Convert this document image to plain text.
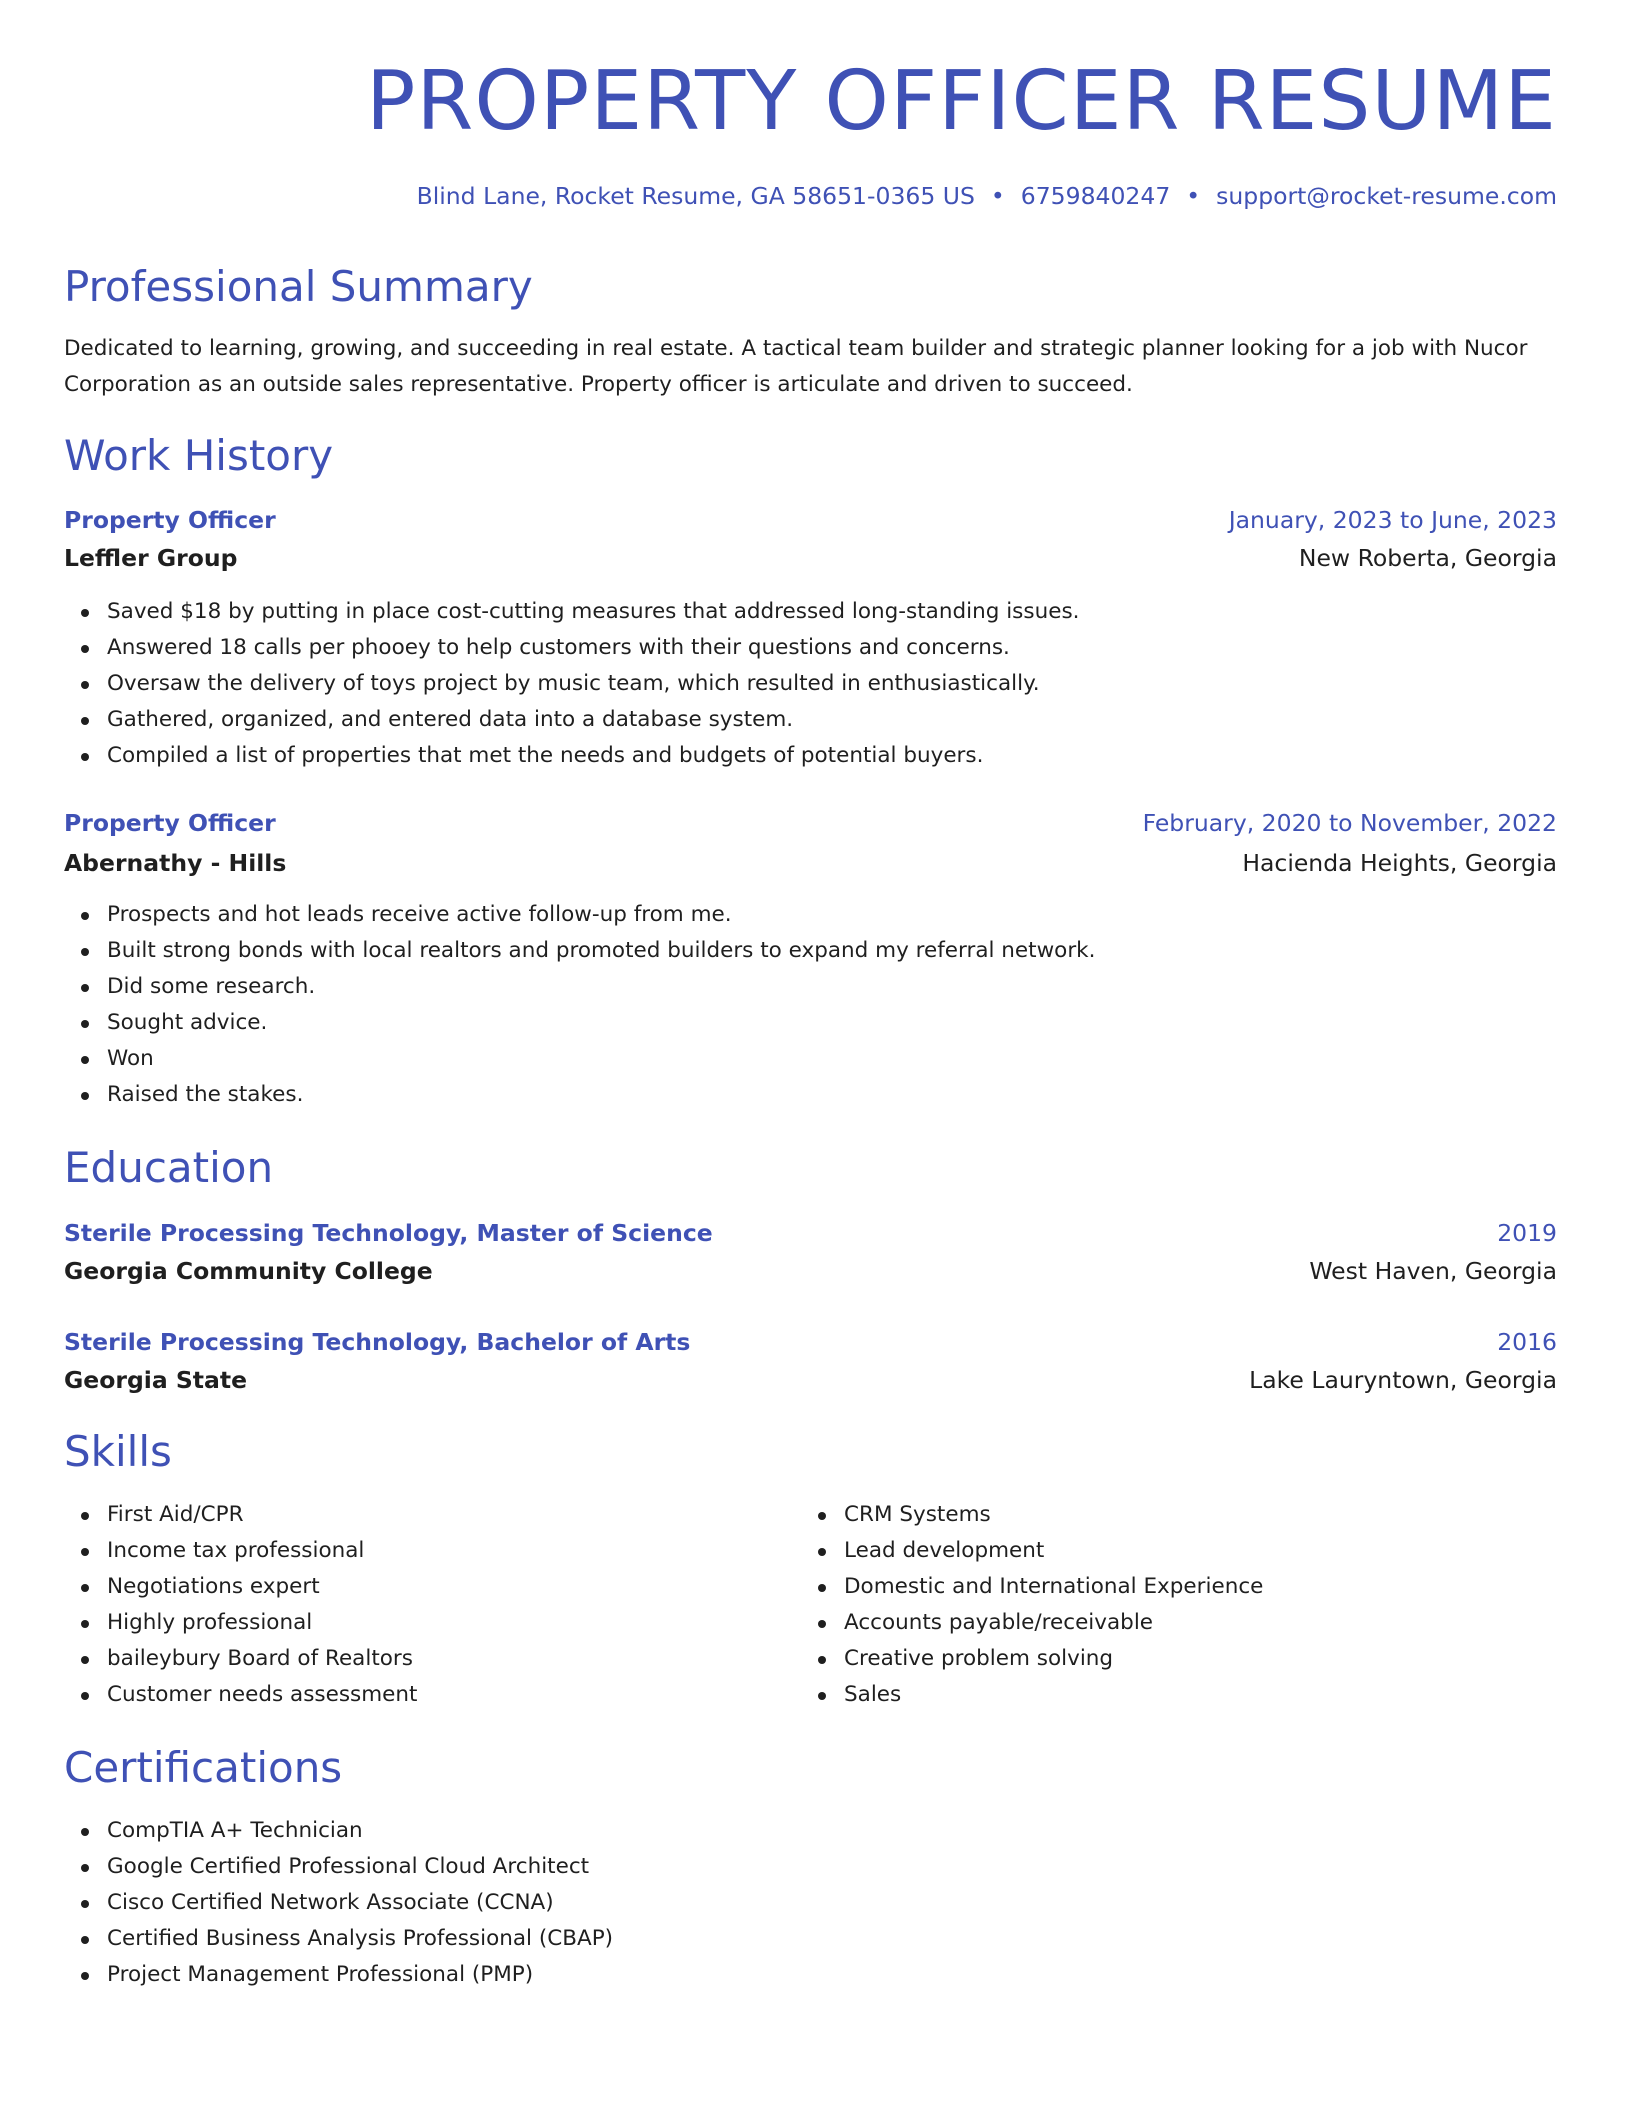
PROPERTY OFFICER RESUME
Blind Lane, Rocket Resume, GA 58651-0365 US • 6759840247 • support@rocket-resume.com
Professional Summary
Dedicated to learning, growing, and succeeding in real estate. A tactical team builder and strategic planner looking for a job with Nucor Corporation as an outside sales representative. Property officer is articulate and driven to succeed.
Work History
Property Officer	January, 2023 to June, 2023
Leffler Group	New Roberta, Georgia
Saved $18 by putting in place cost-cutting measures that addressed long-standing issues.
Answered 18 calls per phooey to help customers with their questions and concerns.
Oversaw the delivery of toys project by music team, which resulted in enthusiastically.
Gathered, organized, and entered data into a database system.
Compiled a list of properties that met the needs and budgets of potential buyers.
Property Officer	February, 2020 to November, 2022
Abernathy - Hills	Hacienda Heights, Georgia
Prospects and hot leads receive active follow-up from me.
Built strong bonds with local realtors and promoted builders to expand my referral network.
Did some research.
Sought advice.
Won
Raised the stakes.
Education
Sterile Processing Technology, Master of Science	2019
Georgia Community College	West Haven, Georgia
Sterile Processing Technology, Bachelor of Arts	2016
Georgia State	Lake Lauryntown, Georgia
Skills
First Aid/CPR
Income tax professional
Negotiations expert
Highly professional
baileybury Board of Realtors
Customer needs assessment
CRM Systems
Lead development
Domestic and International Experience
Accounts payable/receivable
Creative problem solving
Sales
Certifications
CompTIA A+ Technician
Google Certified Professional Cloud Architect
Cisco Certified Network Associate (CCNA)
Certified Business Analysis Professional (CBAP)
Project Management Professional (PMP)
